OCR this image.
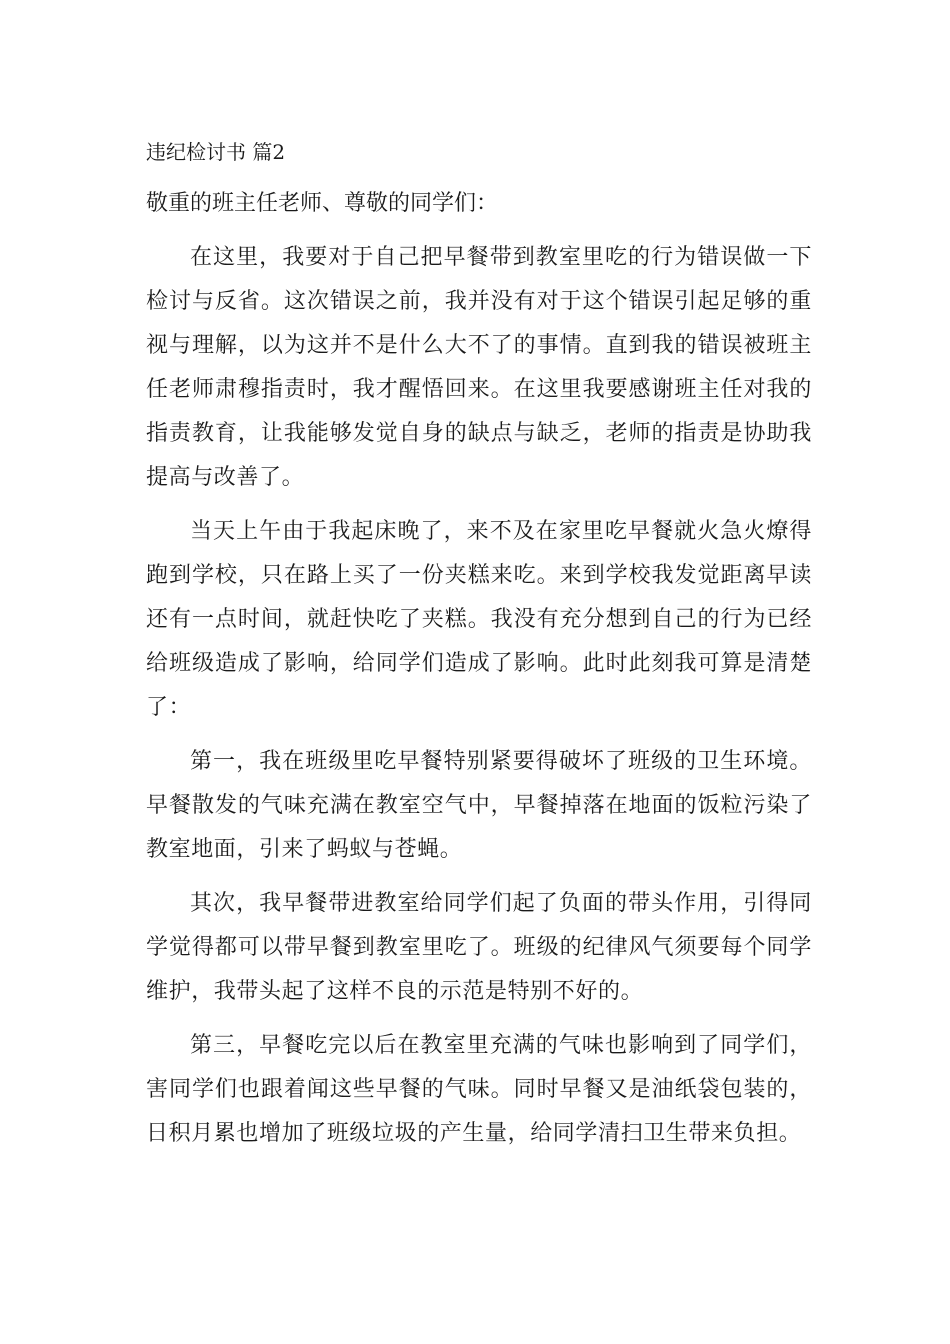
违纪检讨书 篇2

敬重的班主任老师、尊敬的同学们：

在这里，我要对于自己把早餐带到教室里吃的行为错误做一下检讨与反省。这次错误之前，我并没有对于这个错误引起足够的重视与理解，以为这并不是什么大不了的事情。直到我的错误被班主任老师肃穆指责时，我才醒悟回来。在这里我要感谢班主任对我的指责教育，让我能够发觉自身的缺点与缺乏，老师的指责是协助我提高与改善了。

当天上午由于我起床晚了，来不及在家里吃早餐就火急火燎得跑到学校，只在路上买了一份夹糕来吃。来到学校我发觉距离早读还有一点时间，就赶快吃了夹糕。我没有充分想到自己的行为已经给班级造成了影响，给同学们造成了影响。此时此刻我可算是清楚了：

第一，我在班级里吃早餐特别紧要得破坏了班级的卫生环境。早餐散发的气味充满在教室空气中，早餐掉落在地面的饭粒污染了教室地面，引来了蚂蚁与苍蝇。

其次，我早餐带进教室给同学们起了负面的带头作用，引得同学觉得都可以带早餐到教室里吃了。班级的纪律风气须要每个同学维护，我带头起了这样不良的示范是特别不好的。

第三，早餐吃完以后在教室里充满的气味也影响到了同学们，害同学们也跟着闻这些早餐的气味。同时早餐又是油纸袋包装的，日积月累也增加了班级垃圾的产生量，给同学清扫卫生带来负担。
